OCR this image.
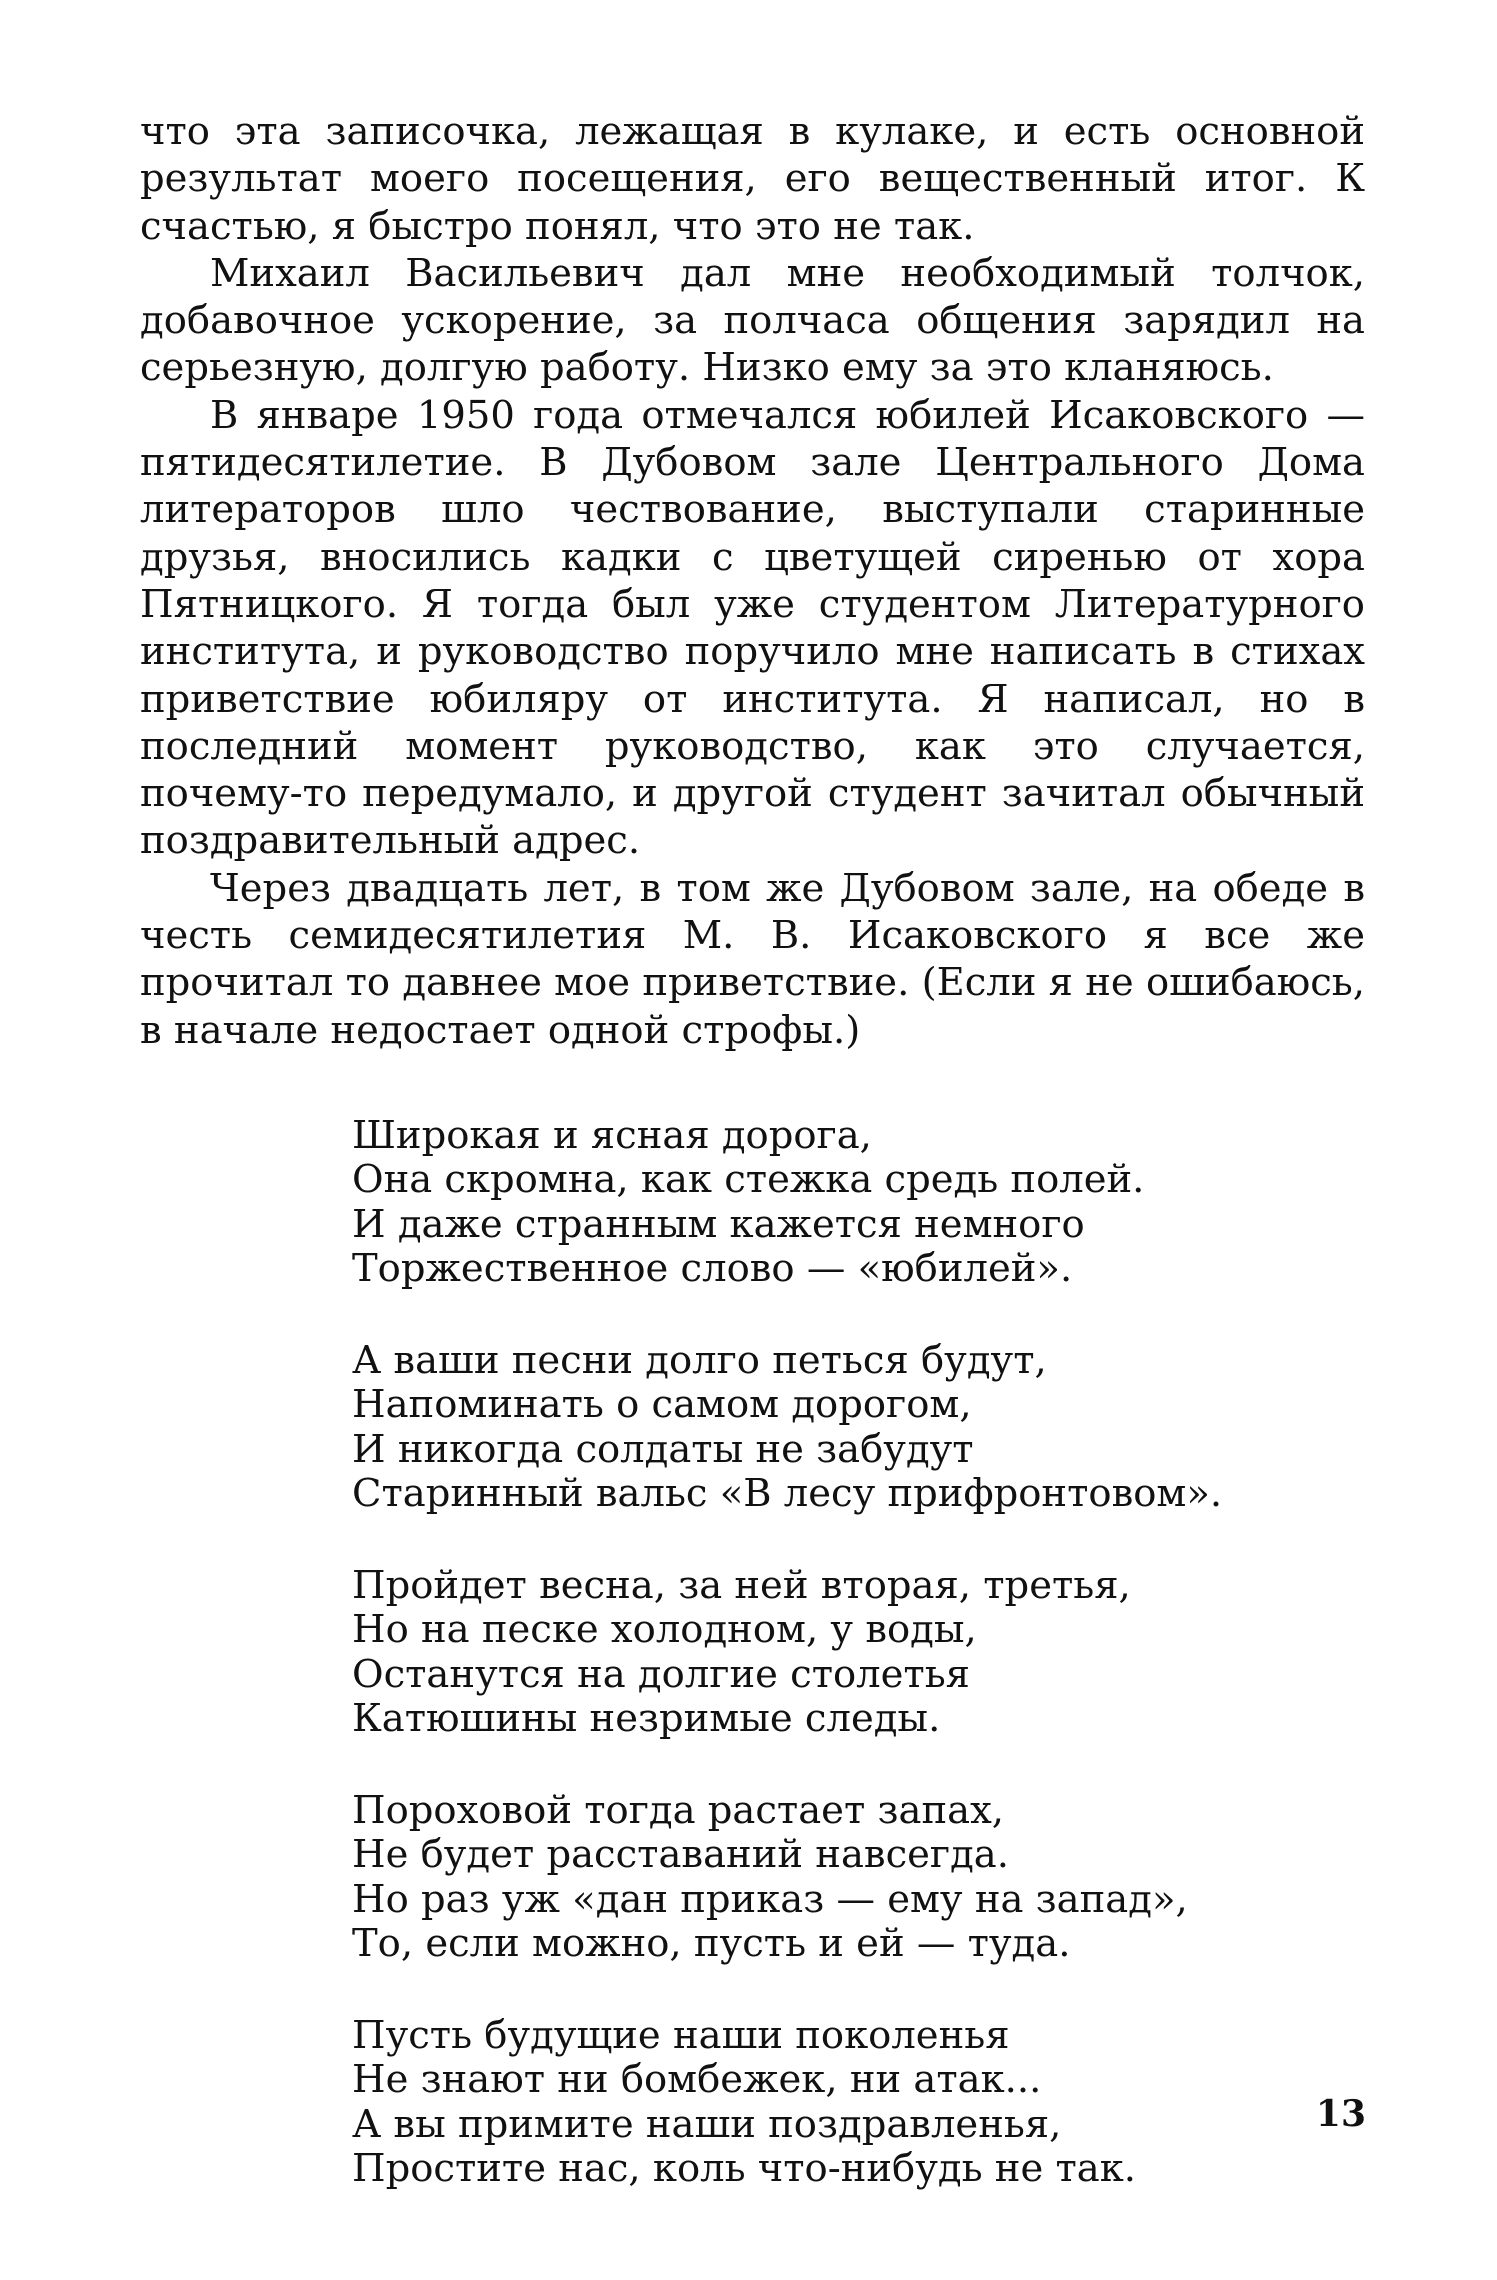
что эта записочка, лежащая в кулаке, и есть основной результат моего посещения, его вещественный итог. К счастью, я быстро понял, что это не так.

Михаил Васильевич дал мне необходимый толчок, добавочное ускорение, за полчаса общения зарядил на серьезную, долгую работу. Низко ему за это кланяюсь.

В январе 1950 года отмечался юбилей Исаковского — пятидесятилетие. В Дубовом зале Центрального Дома литераторов шло чествование, выступали старинные друзья, вносились кадки с цветущей сиренью от хора Пятницкого. Я тогда был уже студентом Литературного института, и руководство поручило мне написать в стихах приветствие юбиляру от института. Я написал, но в последний момент руководство, как это случается, почему-то передумало, и другой студент зачитал обычный поздравительный адрес.

Через двадцать лет, в том же Дубовом зале, на обеде в честь семидесятилетия М. В. Исаковского я все же прочитал то давнее мое приветствие. (Если я не ошибаюсь, в начале недостает одной строфы.)

Широкая и ясная дорога,
Она скромна, как стежка средь полей.
И даже странным кажется немного
Торжественное слово — «юбилей».
А ваши песни долго петься будут,
Напоминать о самом дорогом,
И никогда солдаты не забудут
Старинный вальс «В лесу прифронтовом».
Пройдет весна, за ней вторая, третья,
Но на песке холодном, у воды,
Останутся на долгие столетья
Катюшины незримые следы.
Пороховой тогда растает запах,
Не будет расставаний навсегда.
Но раз уж «дан приказ — ему на запад»,
То, если можно, пусть и ей — туда.
Пусть будущие наши поколенья
Не знают ни бомбежек, ни атак...
А вы примите наши поздравленья,
Простите нас, коль что-нибудь не так.
13
